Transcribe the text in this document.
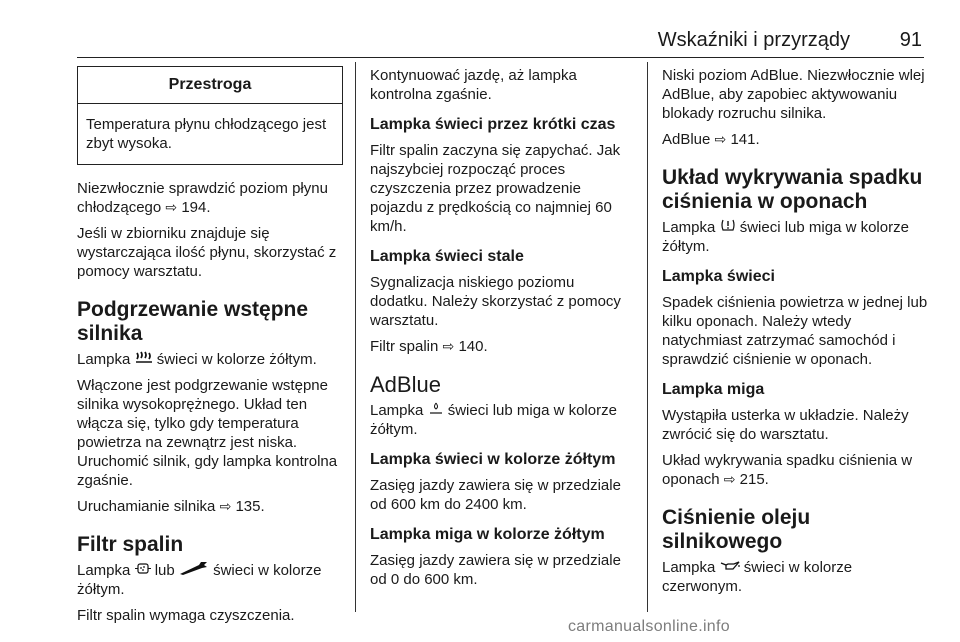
Wskaźniki i przyrządy 91
Przestroga
Temperatura płynu chłodzącego jest zbyt wysoka.

Niezwłocznie sprawdzić poziom płynu chłodzącego ⇨ 194.

Jeśli w zbiorniku znajduje się wystarczająca ilość płynu, skorzystać z pomocy warsztatu.

Podgrzewanie wstępne silnika

Lampka  świeci w kolorze żółtym.

Włączone jest podgrzewanie wstępne silnika wysokoprężnego. Układ ten włącza się, tylko gdy temperatura powietrza na zewnątrz jest niska. Uruchomić silnik, gdy lampka kontrolna zgaśnie.

Uruchamianie silnika ⇨ 135.

Filtr spalin

Lampka  lub  świeci w kolorze żółtym.

Filtr spalin wymaga czyszczenia.

Kontynuować jazdę, aż lampka kontrolna zgaśnie.

Lampka świeci przez krótki czas

Filtr spalin zaczyna się zapychać. Jak najszybciej rozpocząć proces czyszczenia przez prowadzenie pojazdu z prędkością co najmniej 60 km/h.

Lampka świeci stale

Sygnalizacja niskiego poziomu dodatku. Należy skorzystać z pomocy warsztatu.

Filtr spalin ⇨ 140.

AdBlue

Lampka  świeci lub miga w kolorze żółtym.

Lampka świeci w kolorze żółtym

Zasięg jazdy zawiera się w przedziale od 600 km do 2400 km.

Lampka miga w kolorze żółtym

Zasięg jazdy zawiera się w przedziale od 0 do 600 km.

Niski poziom AdBlue. Niezwłocznie wlej AdBlue, aby zapobiec aktywowaniu blokady rozruchu silnika.

AdBlue ⇨ 141.

Układ wykrywania spadku ciśnienia w oponach

Lampka  świeci lub miga w kolorze żółtym.

Lampka świeci

Spadek ciśnienia powietrza w jednej lub kilku oponach. Należy wtedy natychmiast zatrzymać samochód i sprawdzić ciśnienie w oponach.

Lampka miga

Wystąpiła usterka w układzie. Należy zwrócić się do warsztatu.

Układ wykrywania spadku ciśnienia w oponach ⇨ 215.

Ciśnienie oleju silnikowego

Lampka  świeci w kolorze czerwonym.

carmanualsonline.info
